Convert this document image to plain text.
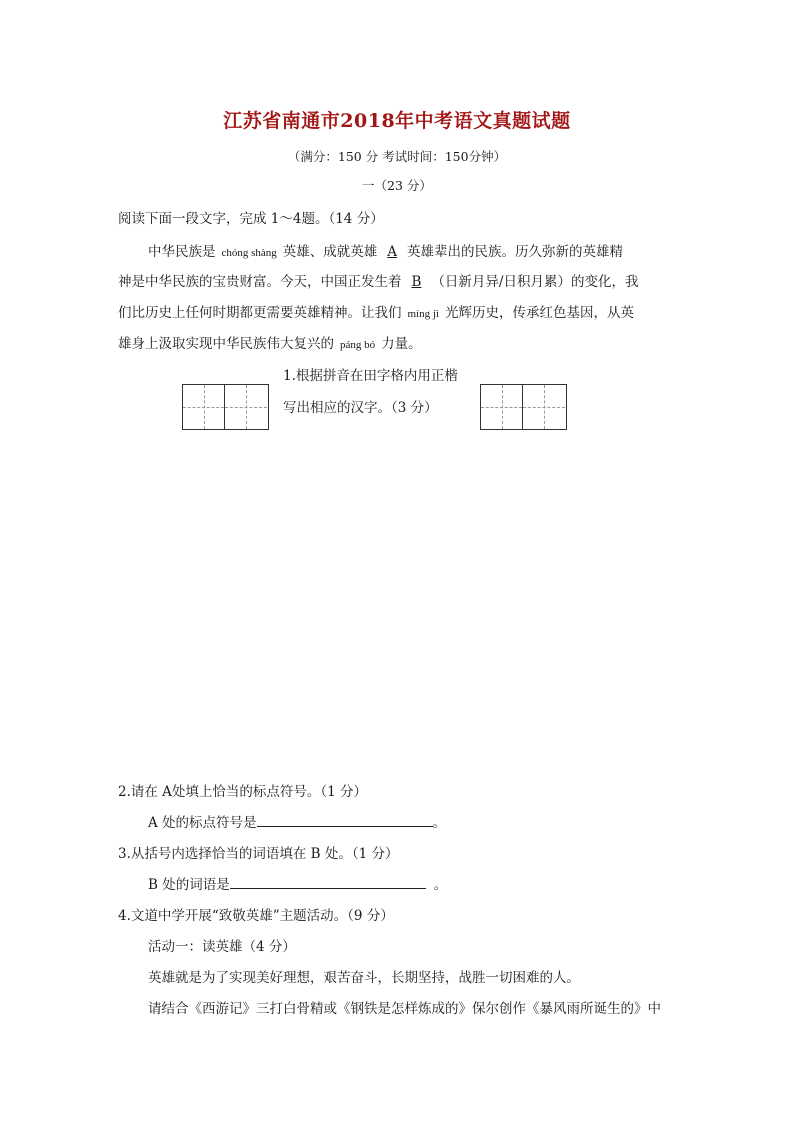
江苏省南通市2018年中考语文真题试题
（满分：150 分 考试时间：150分钟）
一（23 分）
阅读下面一段文字，完成 1～4题。（14 分）
中华民族是 chóng shàng 英雄、成就英雄 A 英雄辈出的民族。历久弥新的英雄精
神是中华民族的宝贵财富。今天，中国正发生着 B （日新月异/日积月累）的变化，我
们比历史上任何时期都更需要英雄精神。让我们 míng jì 光辉历史，传承红色基因，从英
雄身上汲取实现中华民族伟大复兴的 páng bó 力量。
1.根据拼音在田字格内用正楷
写出相应的汉字。（3 分）
2.请在 A处填上恰当的标点符号。（1 分）
A 处的标点符号是	。
3.从括号内选择恰当的词语填在 B 处。（1 分）
B 处的词语是	。
4.文道中学开展“致敬英雄”主题活动。（9 分）
活动一：读英雄（4 分）
英雄就是为了实现美好理想，艰苦奋斗，长期坚持，战胜一切困难的人。
请结合《西游记》三打白骨精或《钢铁是怎样炼成的》保尔创作《暴风雨所诞生的》中
